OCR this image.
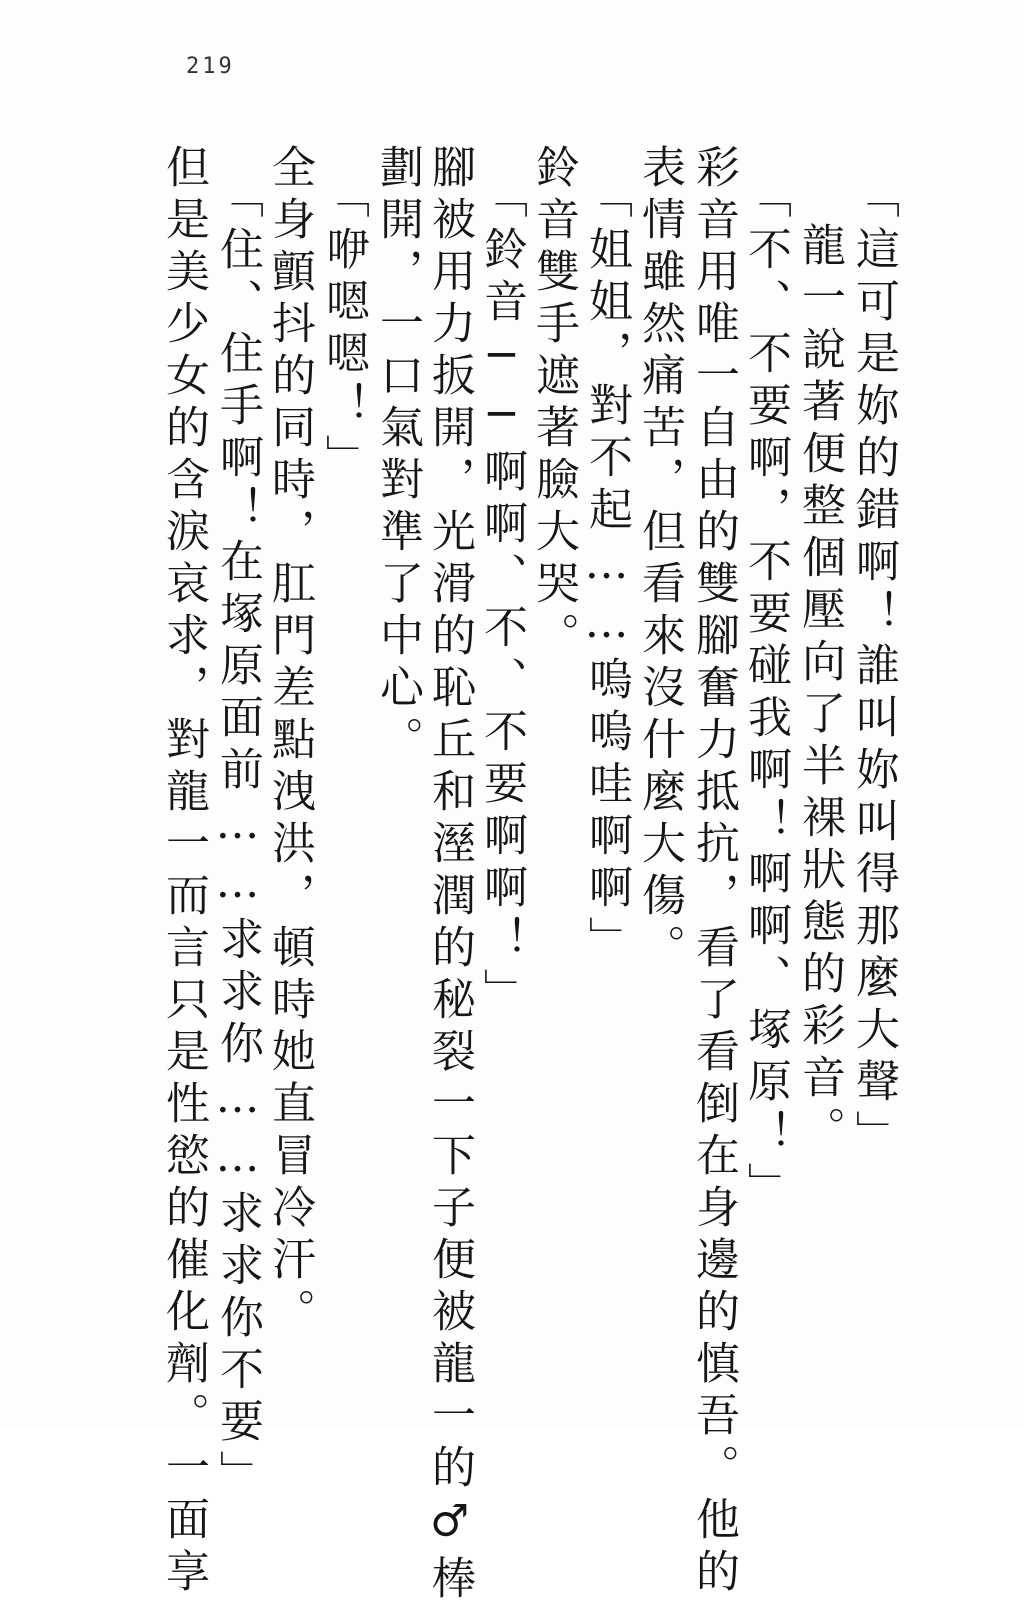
219
「這可是妳的錯啊！誰叫妳叫得那麼大聲」
龍一說著便整個壓向了半裸狀態的彩音。
「不、不要啊，不要碰我啊！啊啊、塚原！」
彩音用唯一自由的雙腳奮力抵抗，看了看倒在身邊的慎吾。他的
表情雖然痛苦，但看來沒什麼大傷。
「姐姐，對不起……嗚嗚哇啊啊」
鈴音雙手遮著臉大哭。
「鈴音──啊啊、不、不要啊啊！」
腳被用力扳開，光滑的恥丘和溼潤的秘裂一下子便被龍一的♂棒
劃開，一口氣對準了中心。
「咿嗯嗯！」
全身顫抖的同時，肛門差點洩洪，頓時她直冒冷汗。
「住、住手啊！在塚原面前……求求你……求求你不要」
但是美少女的含淚哀求，對龍一而言只是性慾的催化劑。一面享
